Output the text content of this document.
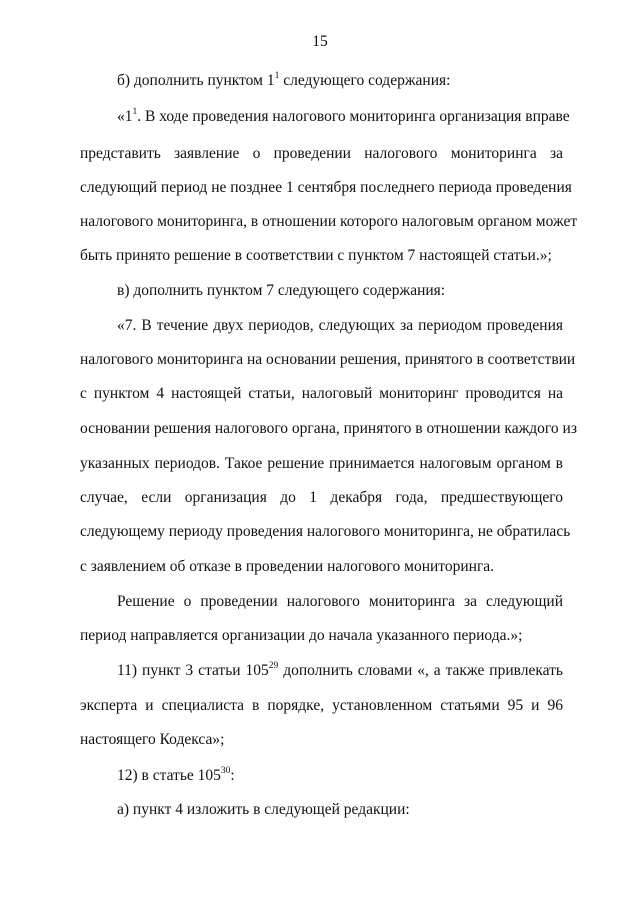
15
б) дополнить пунктом $1^1$ следующего содержания:
«$1^1$. В ходе проведения налогового мониторинга организация вправе
представить заявление о проведении налогового мониторинга за
следующий период не позднее 1 сентября последнего периода проведения
налогового мониторинга, в отношении которого налоговым органом может
быть принято решение в соответствии с пунктом 7 настоящей статьи.»;
в) дополнить пунктом 7 следующего содержания:
«7. В течение двух периодов, следующих за периодом проведения
налогового мониторинга на основании решения, принятого в соответствии
с пунктом 4 настоящей статьи, налоговый мониторинг проводится на
основании решения налогового органа, принятого в отношении каждого из
указанных периодов. Такое решение принимается налоговым органом в
случае, если организация до 1 декабря года, предшествующего
следующему периоду проведения налогового мониторинга, не обратилась
с заявлением об отказе в проведении налогового мониторинга.
Решение о проведении налогового мониторинга за следующий
период направляется организации до начала указанного периода.»;
11) пункт 3 статьи $105^{29}$ дополнить словами «, а также привлекать
эксперта и специалиста в порядке, установленном статьями 95 и 96
настоящего Кодекса»;
12) в статье $105^{30}$:
а) пункт 4 изложить в следующей редакции:
